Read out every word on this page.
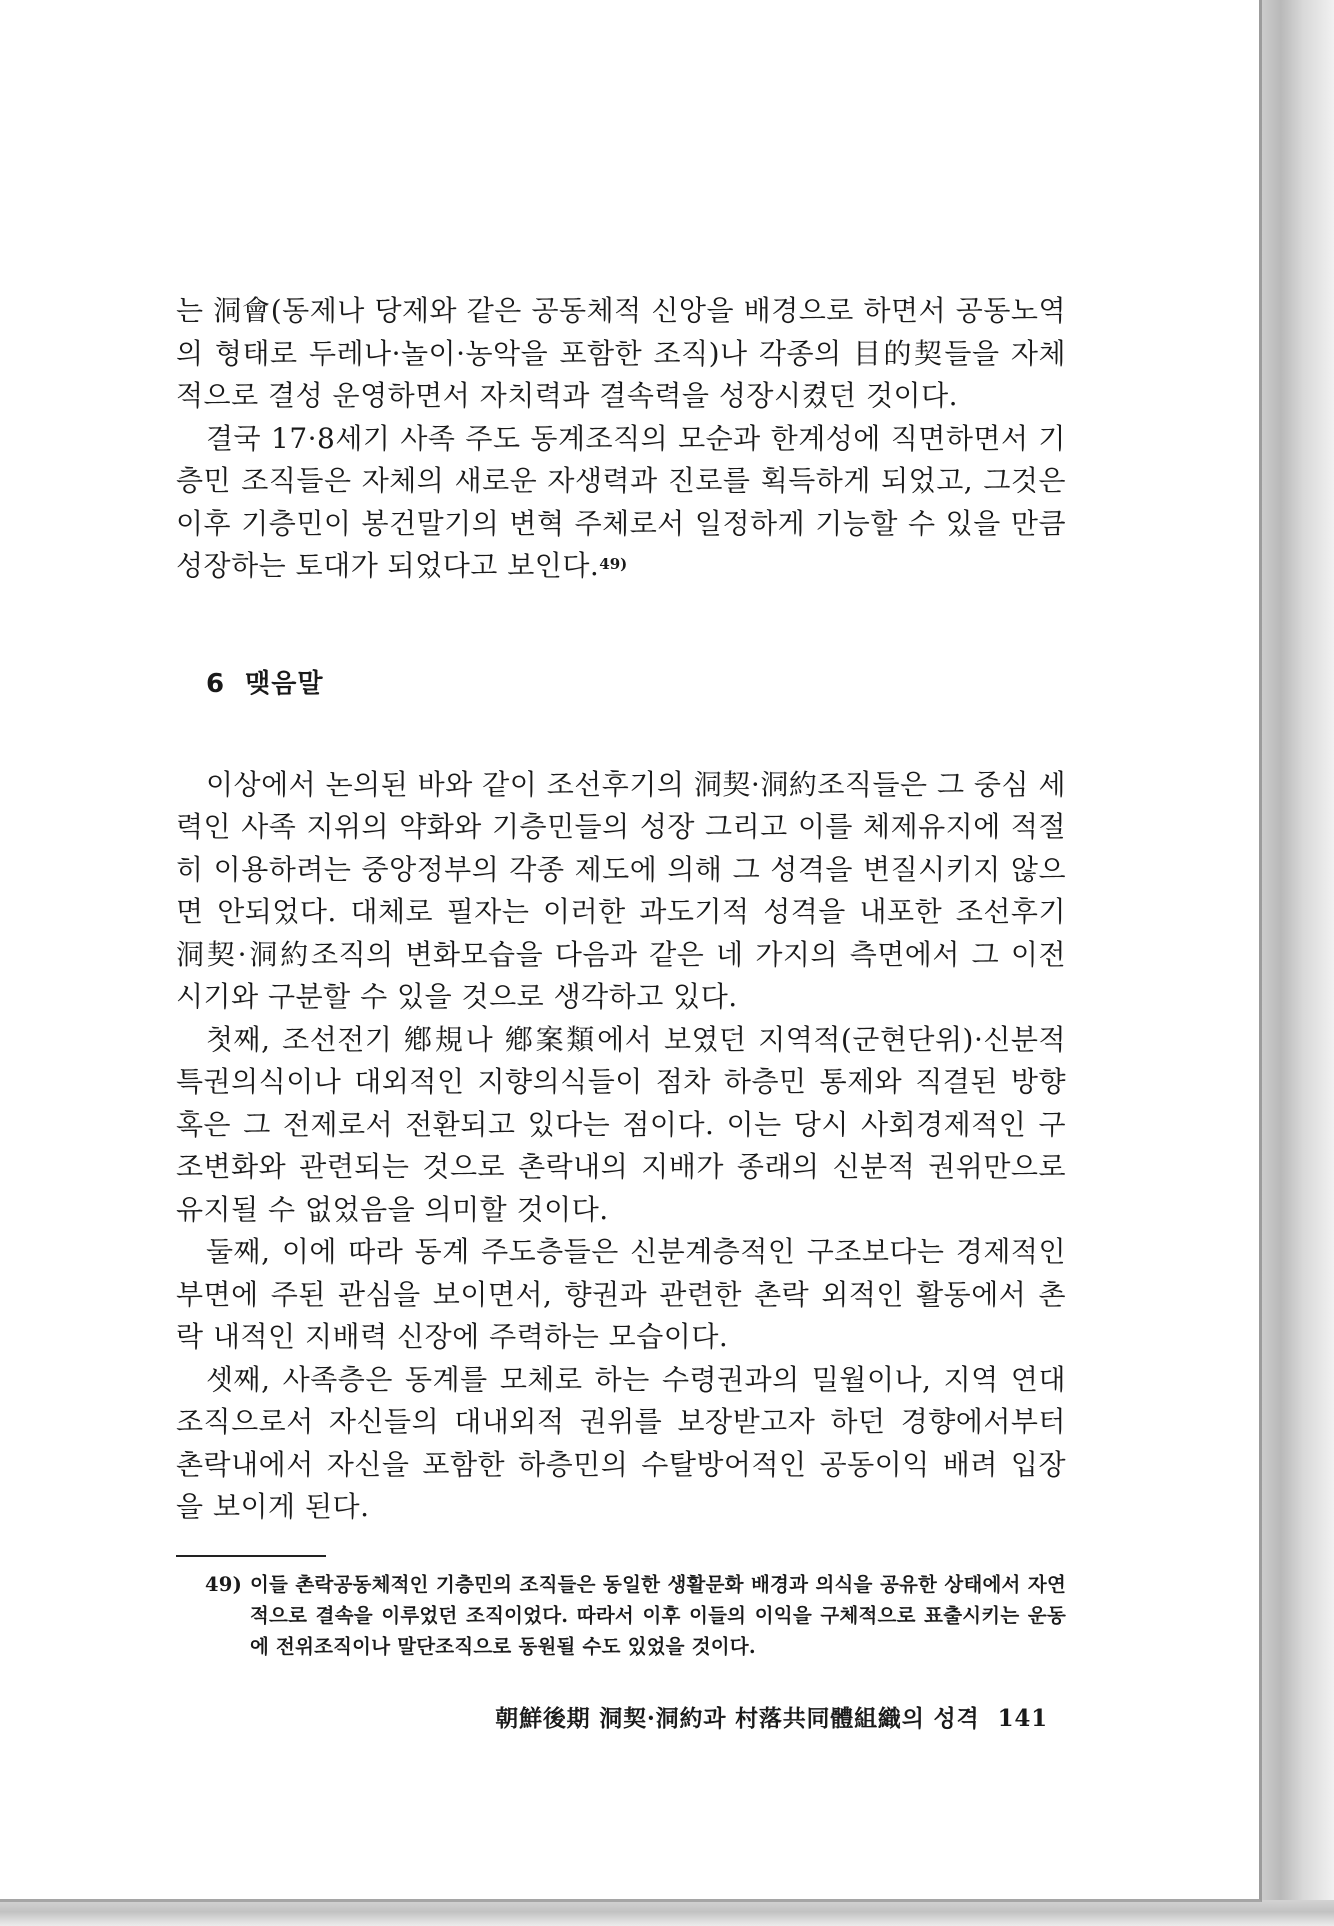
는 洞會(동제나 당제와 같은 공동체적 신앙을 배경으로 하면서 공동노역의 형태로 두레나·놀이·농악을 포함한 조직)나 각종의 目的契들을 자체적으로 결성 운영하면서 자치력과 결속력을 성장시켰던 것이다.

결국 17·8세기 사족 주도 동계조직의 모순과 한계성에 직면하면서 기층민 조직들은 자체의 새로운 자생력과 진로를 획득하게 되었고, 그것은 이후 기층민이 봉건말기의 변혁 주체로서 일정하게 기능할 수 있을 만큼 성장하는 토대가 되었다고 보인다.$^{49)}$

6 맺음말

이상에서 논의된 바와 같이 조선후기의 洞契·洞約조직들은 그 중심 세력인 사족 지위의 약화와 기층민들의 성장 그리고 이를 체제유지에 적절히 이용하려는 중앙정부의 각종 제도에 의해 그 성격을 변질시키지 않으면 안되었다. 대체로 필자는 이러한 과도기적 성격을 내포한 조선후기 洞契·洞約조직의 변화모습을 다음과 같은 네 가지의 측면에서 그 이전 시기와 구분할 수 있을 것으로 생각하고 있다.

첫째, 조선전기 鄕規나 鄕案類에서 보였던 지역적(군현단위)·신분적 특권의식이나 대외적인 지향의식들이 점차 하층민 통제와 직결된 방향 혹은 그 전제로서 전환되고 있다는 점이다. 이는 당시 사회경제적인 구조변화와 관련되는 것으로 촌락내의 지배가 종래의 신분적 권위만으로 유지될 수 없었음을 의미할 것이다.

둘째, 이에 따라 동계 주도층들은 신분계층적인 구조보다는 경제적인 부면에 주된 관심을 보이면서, 향권과 관련한 촌락 외적인 활동에서 촌락 내적인 지배력 신장에 주력하는 모습이다.

셋째, 사족층은 동계를 모체로 하는 수령권과의 밀월이나, 지역 연대조직으로서 자신들의 대내외적 권위를 보장받고자 하던 경향에서부터 촌락내에서 자신을 포함한 하층민의 수탈방어적인 공동이익 배려 입장을 보이게 된다.

49) 이들 촌락공동체적인 기층민의 조직들은 동일한 생활문화 배경과 의식을 공유한 상태에서 자연적으로 결속을 이루었던 조직이었다. 따라서 이후 이들의 이익을 구체적으로 표출시키는 운동에 전위조직이나 말단조직으로 동원될 수도 있었을 것이다.
朝鮮後期 洞契·洞約과 村落共同體組織의 성격 141
